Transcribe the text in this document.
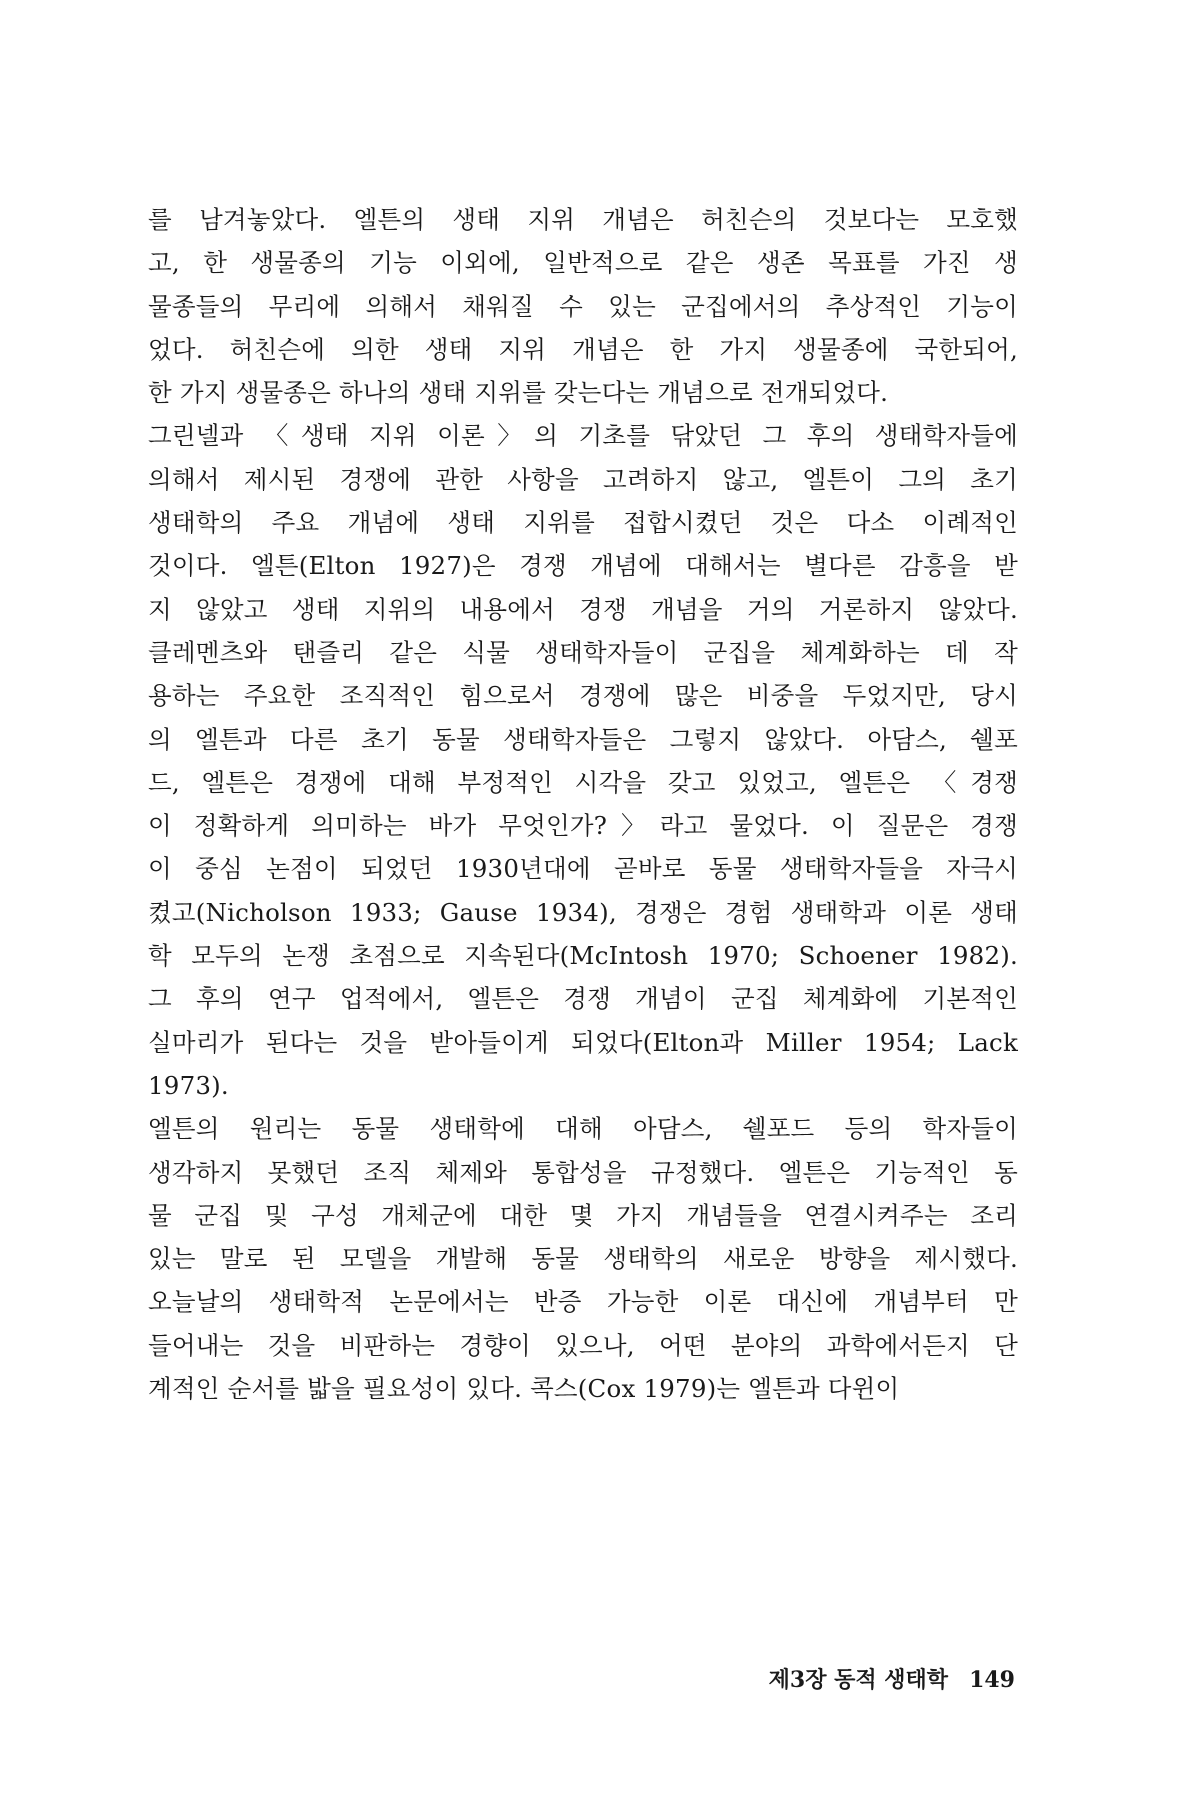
를 남겨놓았다. 엘튼의 생태 지위 개념은 허친슨의 것보다는 모호했
고, 한 생물종의 기능 이외에, 일반적으로 같은 생존 목표를 가진 생
물종들의 무리에 의해서 채워질 수 있는 군집에서의 추상적인 기능이
었다. 허친슨에 의한 생태 지위 개념은 한 가지 생물종에 국한되어,
한 가지 생물종은 하나의 생태 지위를 갖는다는 개념으로 전개되었다.
그린넬과 〈생태 지위 이론〉의 기초를 닦았던 그 후의 생태학자들에
의해서 제시된 경쟁에 관한 사항을 고려하지 않고, 엘튼이 그의 초기
생태학의 주요 개념에 생태 지위를 접합시켰던 것은 다소 이례적인
것이다. 엘튼(Elton 1927)은 경쟁 개념에 대해서는 별다른 감흥을 받
지 않았고 생태 지위의 내용에서 경쟁 개념을 거의 거론하지 않았다.
클레멘츠와 탠즐리 같은 식물 생태학자들이 군집을 체계화하는 데 작
용하는 주요한 조직적인 힘으로서 경쟁에 많은 비중을 두었지만, 당시
의 엘튼과 다른 초기 동물 생태학자들은 그렇지 않았다. 아담스, 쉘포
드, 엘튼은 경쟁에 대해 부정적인 시각을 갖고 있었고, 엘튼은 〈경쟁
이 정확하게 의미하는 바가 무엇인가?〉라고 물었다. 이 질문은 경쟁
이 중심 논점이 되었던 1930년대에 곧바로 동물 생태학자들을 자극시
켰고(Nicholson 1933; Gause 1934), 경쟁은 경험 생태학과 이론 생태
학 모두의 논쟁 초점으로 지속된다(McIntosh 1970; Schoener 1982).
그 후의 연구 업적에서, 엘튼은 경쟁 개념이 군집 체계화에 기본적인
실마리가 된다는 것을 받아들이게 되었다(Elton과 Miller 1954; Lack
1973).
엘튼의 원리는 동물 생태학에 대해 아담스, 쉘포드 등의 학자들이
생각하지 못했던 조직 체제와 통합성을 규정했다. 엘튼은 기능적인 동
물 군집 및 구성 개체군에 대한 몇 가지 개념들을 연결시켜주는 조리
있는 말로 된 모델을 개발해 동물 생태학의 새로운 방향을 제시했다.
오늘날의 생태학적 논문에서는 반증 가능한 이론 대신에 개념부터 만
들어내는 것을 비판하는 경향이 있으나, 어떤 분야의 과학에서든지 단
계적인 순서를 밟을 필요성이 있다. 콕스(Cox 1979)는 엘튼과 다윈이
제3장 동적 생태학 149
